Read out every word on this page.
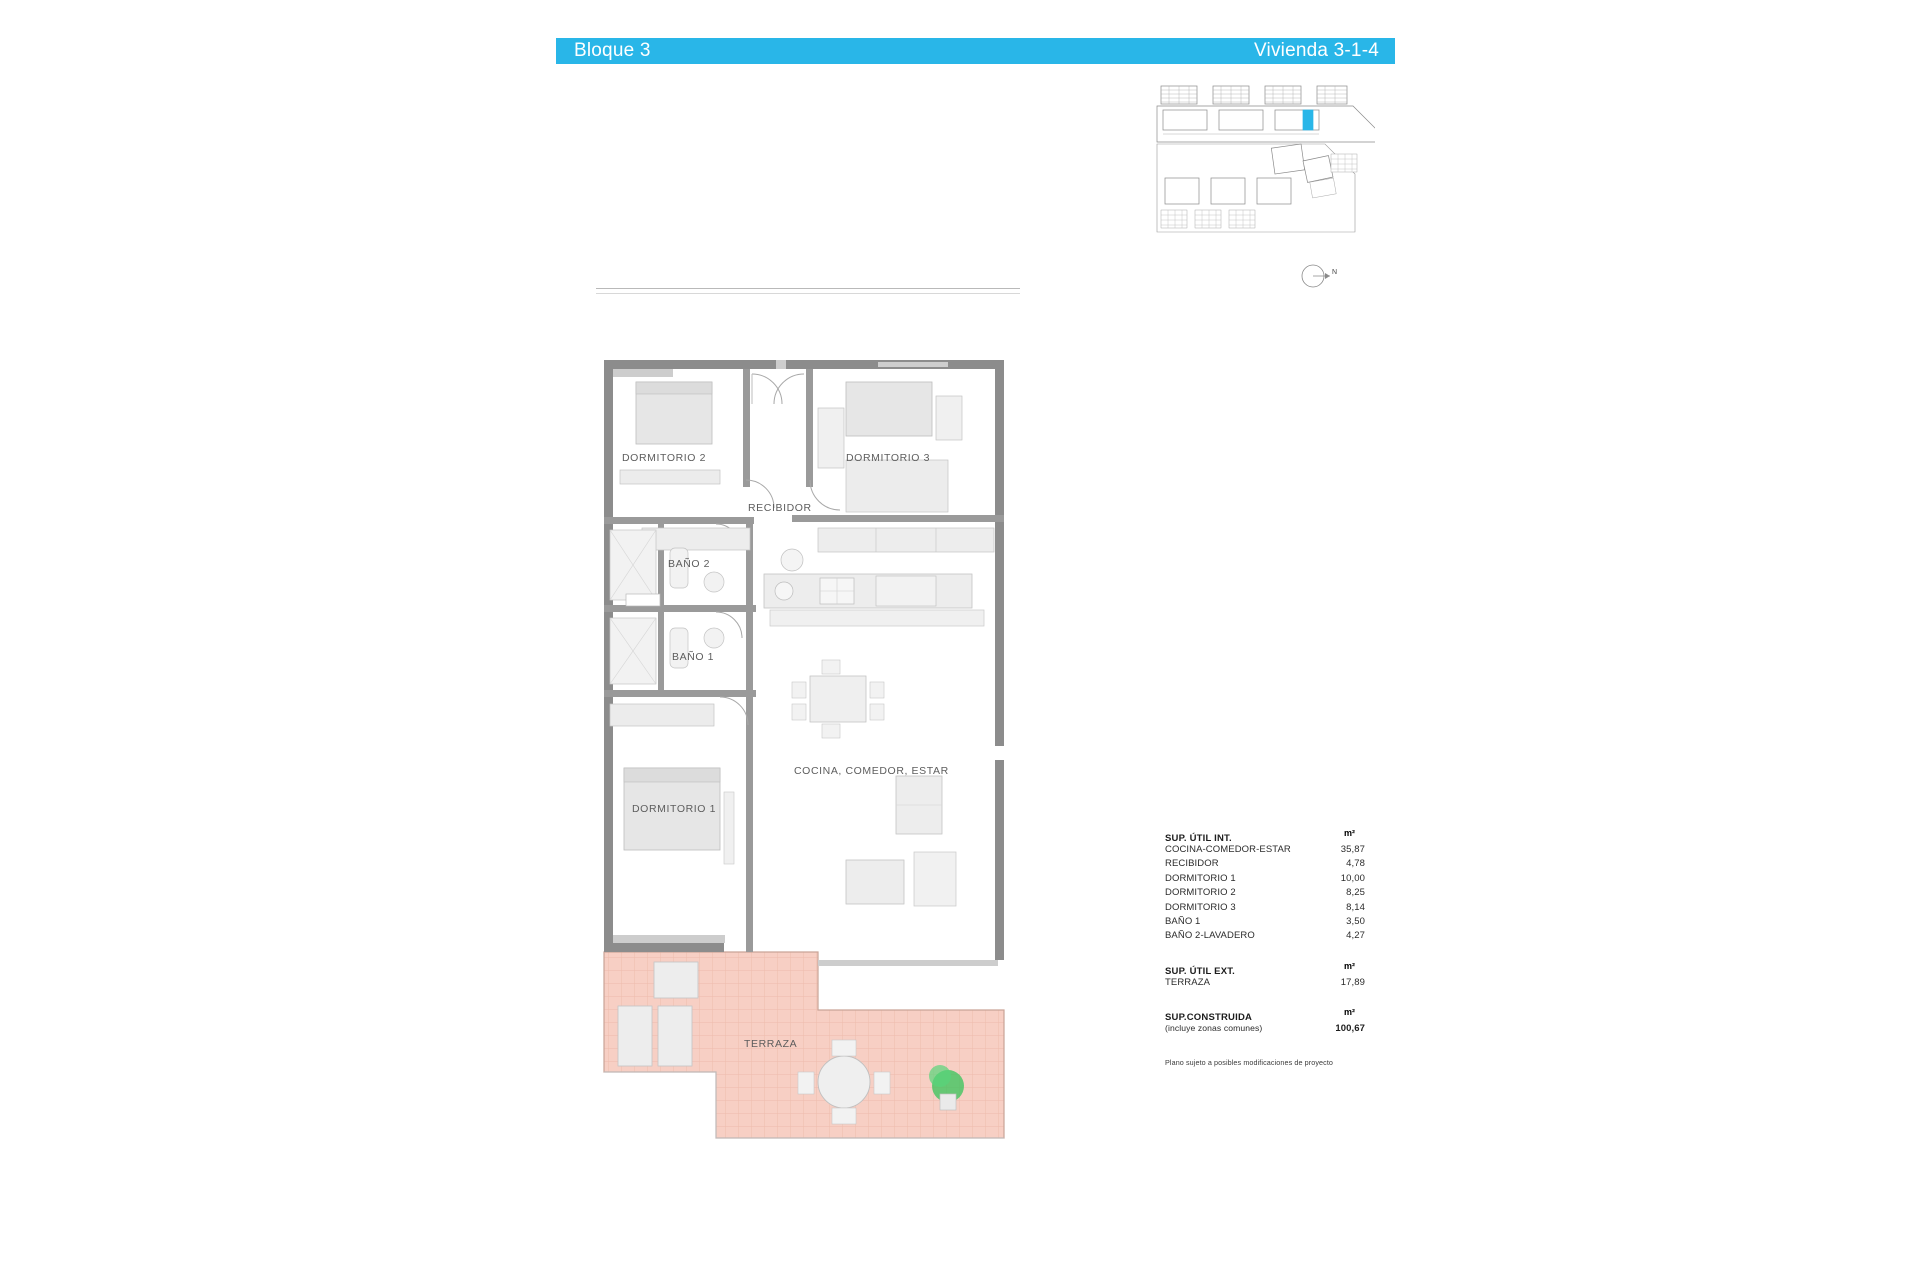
Bloque 3	Vivienda 3-1-4
N
DORMITORIO 2	DORMITORIO 3
RECIBIDOR
BAÑO 2
BAÑO 1
COCINA, COMEDOR, ESTAR
DORMITORIO 1
TERRAZA
SUP. ÚTIL INT.	m²
COCINA-COMEDOR-ESTAR	35,87
RECIBIDOR	4,78
DORMITORIO 1	10,00
DORMITORIO 2	8,25
DORMITORIO 3	8,14
BAÑO 1	3,50
BAÑO 2-LAVADERO	4,27
SUP. ÚTIL EXT.	m²
TERRAZA	17,89
SUP.CONSTRUIDA	m²
(incluye zonas comunes)	100,67
Plano sujeto a posibles modificaciones de proyecto
